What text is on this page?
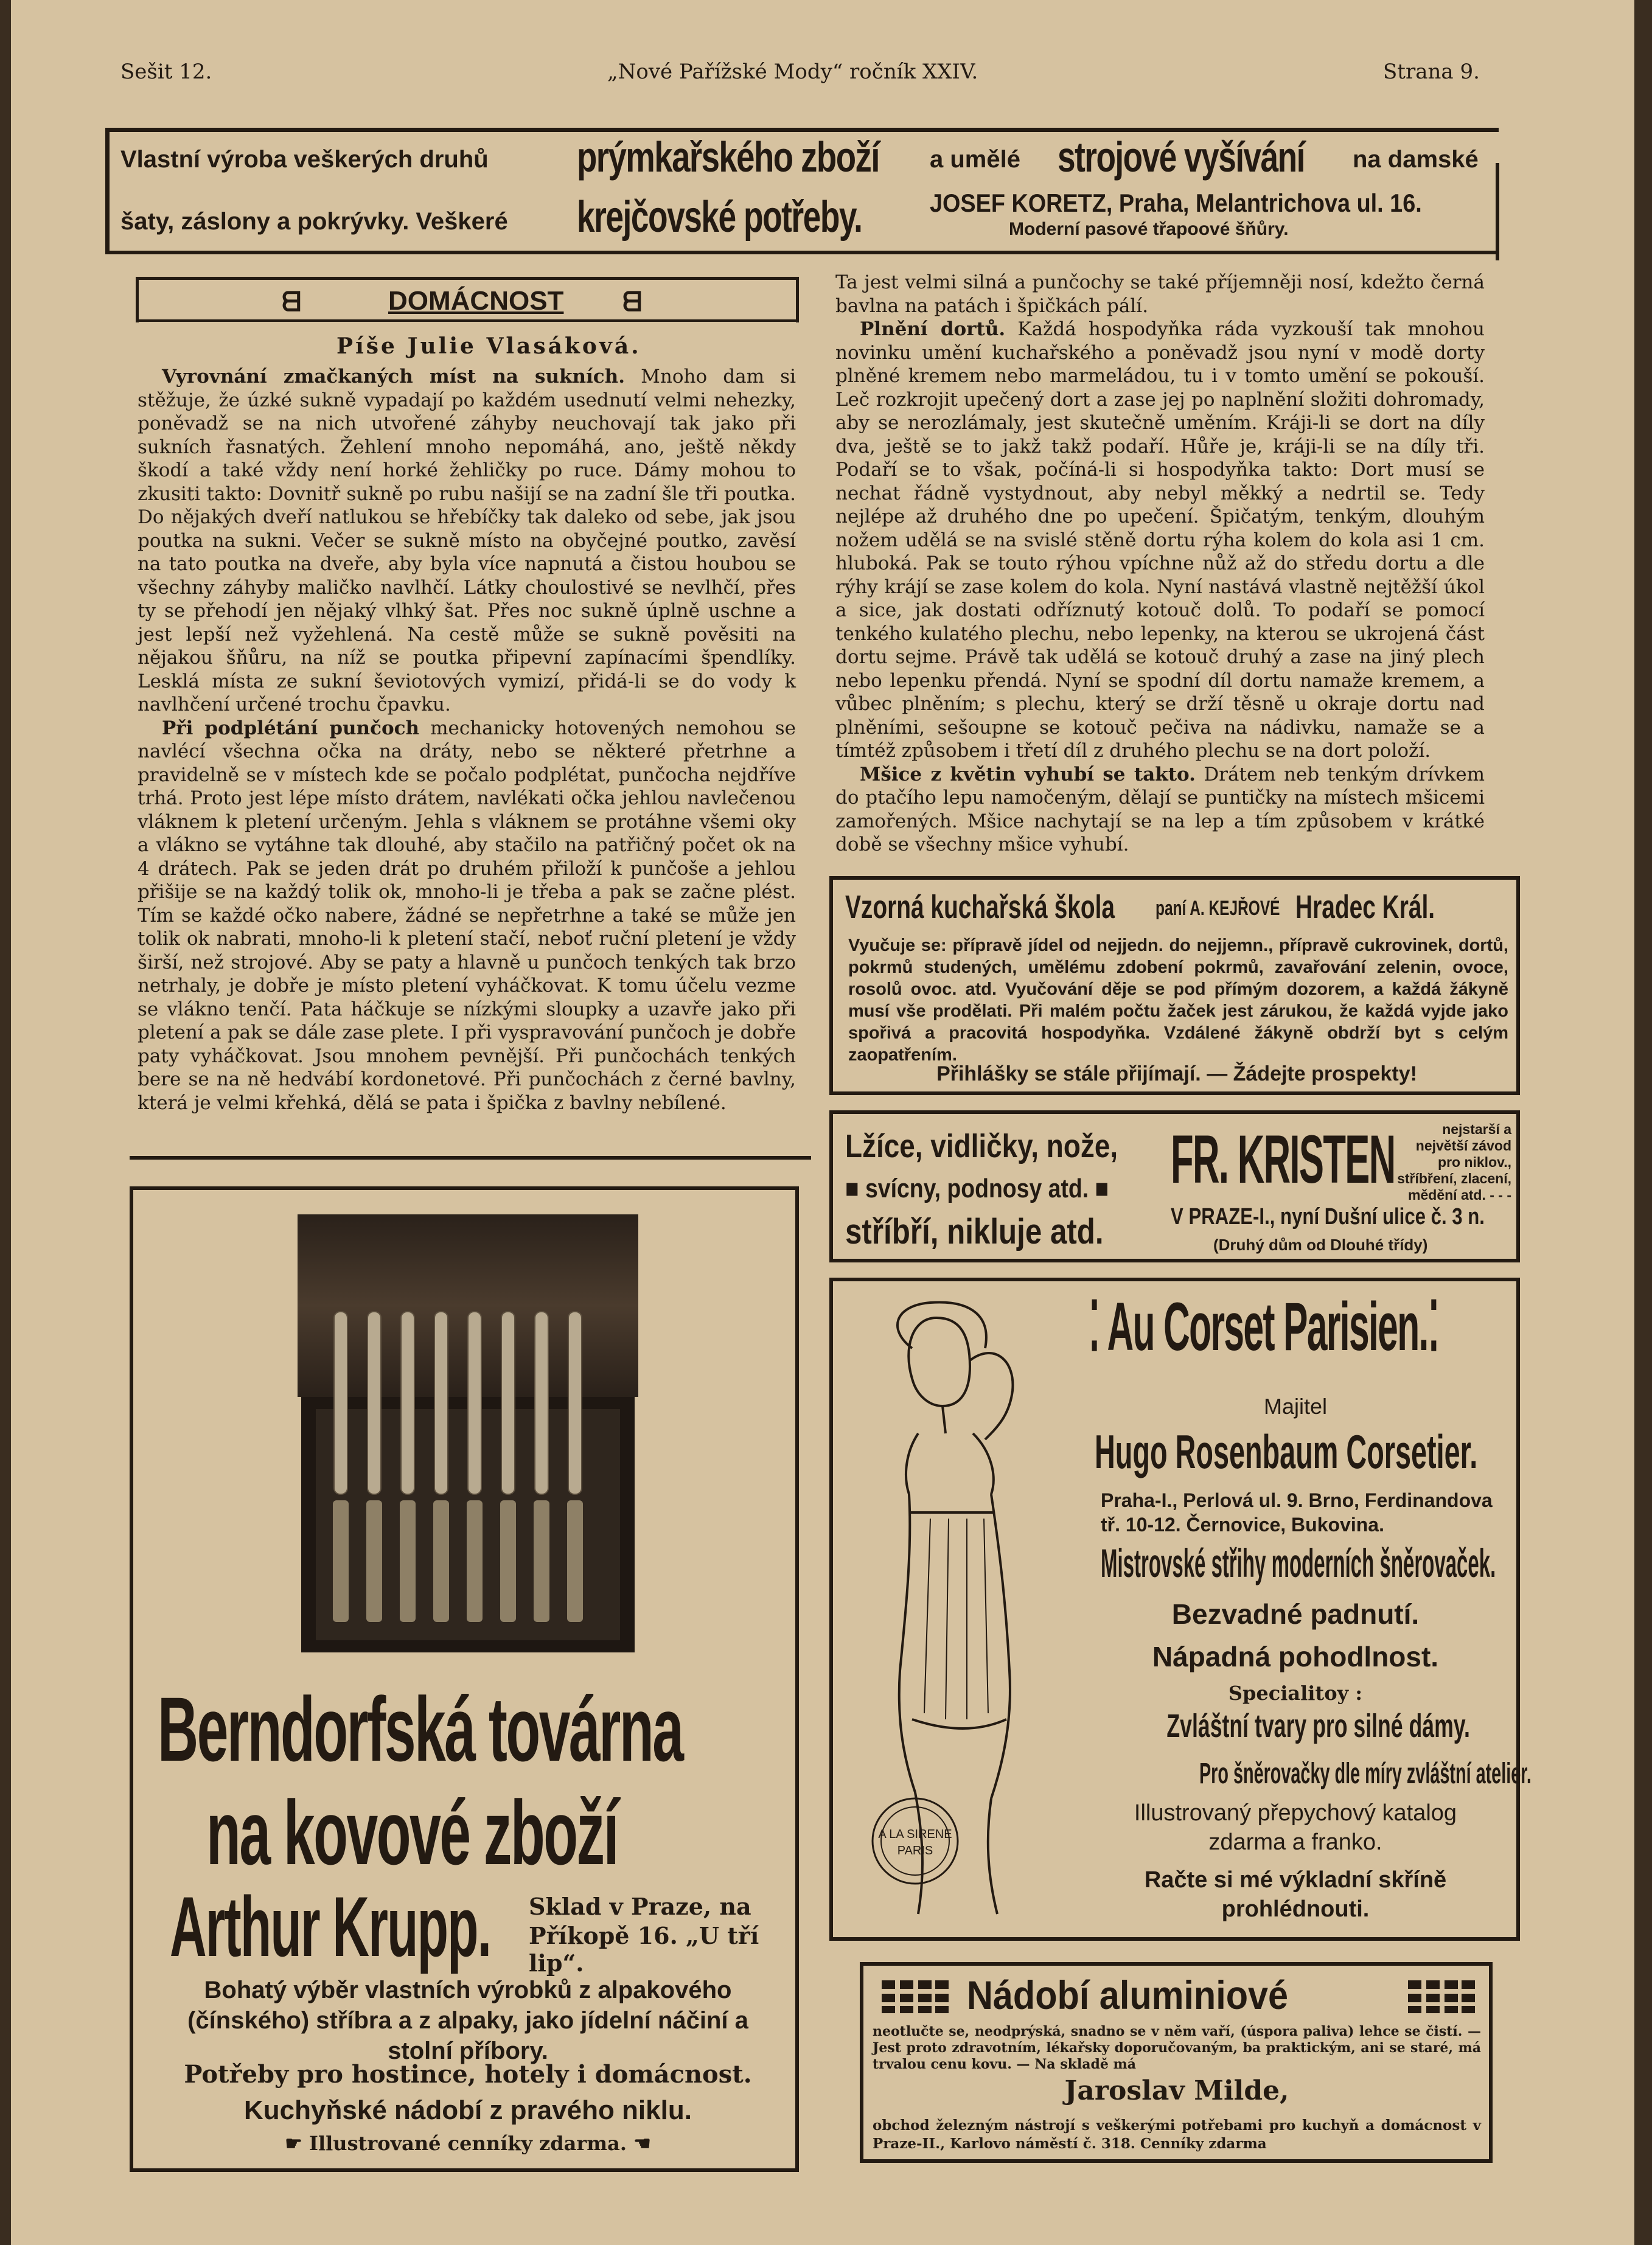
Sešit 12.	„Nové Pařížské Mody“ ročník XXIV.	Strana 9.
Vlastní výroba veškerých druhů prýmkařského zboží a umělé strojové vyšívání na damské
šaty, záslony a pokrývky. Veškeré krejčovské potřeby.	JOSEF KORETZ, Praha, Melantrichova ul. 16.
Moderní pasové třapoové šňůry.
ᗺ	ᗺ
DOMÁCNOST
Píše Julie Vlasáková.

Vyrovnání zmačkaných míst na sukních. Mnoho dam si stěžuje, že úzké sukně vypadají po každém usednutí velmi nehezky, poněvadž se na nich utvořené záhyby neuchovají tak jako při sukních řasnatých. Žehlení mnoho nepomáhá, ano, ještě někdy škodí a také vždy není horké žehličky po ruce. Dámy mohou to zkusiti takto: Dovnitř sukně po rubu našijí se na zadní šle tři poutka. Do nějakých dveří natlukou se hřebíčky tak daleko od sebe, jak jsou poutka na sukni. Večer se sukně místo na obyčejné poutko, zavěsí na tato poutka na dveře, aby byla více napnutá a čistou houbou se všechny záhyby maličko navlhčí. Látky choulostivé se nevlhčí, přes ty se přehodí jen nějaký vlhký šat. Přes noc sukně úplně uschne a jest lepší než vyžehlená. Na cestě může se sukně pověsiti na nějakou šňůru, na níž se poutka připevní zapínacími špendlíky. Lesklá místa ze sukní ševiotových vymizí, přidá-li se do vody k navlhčení určené trochu čpavku.

Při podplétání punčoch mechanicky hotovených nemohou se navlécí všechna očka na dráty, nebo se některé přetrhne a pravidelně se v místech kde se počalo podplétat, punčocha nejdříve trhá. Proto jest lépe místo drátem, navlékati očka jehlou navlečenou vláknem k pletení určeným. Jehla s vláknem se protáhne všemi oky a vlákno se vytáhne tak dlouhé, aby stačilo na patřičný počet ok na 4 drátech. Pak se jeden drát po druhém přiloží k punčoše a jehlou přišije se na každý tolik ok, mnoho-li je třeba a pak se začne plést. Tím se každé očko nabere, žádné se nepřetrhne a také se může jen tolik ok nabrati, mnoho-li k pletení stačí, neboť ruční pletení je vždy širší, než strojové. Aby se paty a hlavně u punčoch tenkých tak brzo netrhaly, je dobře je místo pletení vyháčkovat. K tomu účelu vezme se vlákno tenčí. Pata háčkuje se nízkými sloupky a uzavře jako při pletení a pak se dále zase plete. I při vyspravování punčoch je dobře paty vyháčkovat. Jsou mnohem pevnější. Při punčochách tenkých bere se na ně hedvábí kordonetové. Při punčochách z černé bavlny, která je velmi křehká, dělá se pata i špička z bavlny nebílené.

Ta jest velmi silná a punčochy se také příjemněji nosí, kdežto černá bavlna na patách i špičkách pálí.

Plnění dortů. Každá hospodyňka ráda vyzkouší tak mnohou novinku umění kuchařského a poněvadž jsou nyní v modě dorty plněné kremem nebo marmeládou, tu i v tomto umění se pokouší. Leč rozkrojit upečený dort a zase jej po naplnění složiti dohromady, aby se nerozlámaly, jest skutečně uměním. Kráji-li se dort na díly dva, ještě se to jakž takž podaří. Hůře je, kráji-li se na díly tři. Podaří se to však, počíná-li si hospodyňka takto: Dort musí se nechat řádně vystydnout, aby nebyl měkký a nedrtil se. Tedy nejlépe až druhého dne po upečení. Špičatým, tenkým, dlouhým nožem udělá se na svislé stěně dortu rýha kolem do kola asi 1 cm. hluboká. Pak se touto rýhou vpíchne nůž až do středu dortu a dle rýhy krájí se zase kolem do kola. Nyní nastává vlastně nejtěžší úkol a sice, jak dostati odříznutý kotouč dolů. To podaří se pomocí tenkého kulatého plechu, nebo lepenky, na kterou se ukrojená část dortu sejme. Právě tak udělá se kotouč druhý a zase na jiný plech nebo lepenku přendá. Nyní se spodní díl dortu namaže kremem, a vůbec plněním; s plechu, který se drží těsně u okraje dortu nad plněními, sešoupne se kotouč pečiva na nádivku, namaže se a tímtéž způsobem i třetí díl z druhého plechu se na dort položí.

Mšice z květin vyhubí se takto. Drátem neb tenkým drívkem do ptačího lepu namočeným, dělají se puntičky na místech mšicemi zamořených. Mšice nachytají se na lep a tím způsobem v krátké době se všechny mšice vyhubí.

Berndorfská továrna
na kovové zboží
Arthur Krupp. Sklad v Praze, na
Příkopě 16. „U tří lip“.
Bohatý výběr vlastních výrobků z alpakového (čínského) stříbra a z alpaky, jako jídelní náčiní a stolní příbory.
Potřeby pro hostince, hotely i domácnost.
Kuchyňské nádobí z pravého niklu.
☛ Illustrované cenníky zdarma. ☚
Vzorná kuchařská škola paní A. KEJŘOVÉ Hradec Král.
Vyučuje se: přípravě jídel od nejjedn. do nejjemn., přípravě cukrovinek, dortů, pokrmů studených, umělému zdobení pokrmů, zavařování zelenin, ovoce, rosolů ovoc. atd. Vyučování děje se pod přímým dozorem, a každá žákyně musí vše prodělati. Při malém počtu žaček jest zárukou, že každá vyjde jako spořivá a pracovitá hospodyňka. Vzdálené žákyně obdrží byt s celým zaopatřením.
Přihlášky se stále přijímají. — Žádejte prospekty!
Lžíce, vidličky, nože,
■ svícny, podnosy atd. ■
stříbří, nikluje atd.
FR. KRISTEN	nejstarší a největší závod pro niklov., stříbření, zlacení, mědění atd. - - -
V PRAZE-I., nyní Dušní ulice č. 3 n.
(Druhý dům od Dlouhé třídy)
A LA SIRENE
PARIS
⁚ Au Corset Parisien.⁚
Majitel
Hugo Rosenbaum Corsetier.
Praha-I., Perlová ul. 9. Brno, Ferdinandova tř. 10-12. Černovice, Bukovina.
Mistrovské střihy moderních šněrovaček.
Bezvadné padnutí.
Nápadná pohodlnost.
Specialitoy :
Zvláštní tvary pro silné dámy.
Pro šněrovačky dle míry zvláštní atelier.
Illustrovaný přepychový katalog zdarma a franko.
Račte si mé výkladní skříně prohlédnouti.
Nádobí aluminiové
neotlučte se, neodprýská, snadno se v něm vaří, (úspora paliva) lehce se čistí. — Jest proto zdravotním, lékařsky doporučovaným, ba praktickým, ani se staré, má trvalou cenu kovu. — Na skladě má
Jaroslav Milde,
obchod železným nástrojí s veškerými potřebami pro kuchyň a domácnost v Praze-II., Karlovo náměstí č. 318. Cenníky zdarma
